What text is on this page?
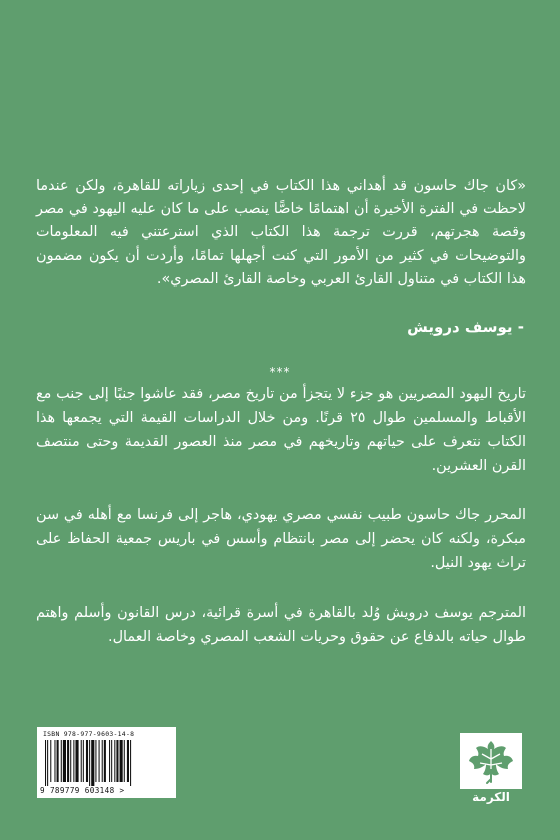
«كان جاك حاسون قد أهداني هذا الكتاب في إحدى زياراته للقاهرة، ولكن عندما لاحظت في الفترة الأخيرة أن اهتمامًا خاصًّا ينصب على ما كان عليه اليهود في مصر وقصة هجرتهم، قررت ترجمة هذا الكتاب الذي استرعتني فيه المعلومات والتوضيحات في كثير من الأمور التي كنت أجهلها تمامًا، وأردت أن يكون مضمون هذا الكتاب في متناول القارئ العربي وخاصة القارئ المصري».

- يوسف درويش

***

تاريخ اليهود المصريين هو جزء لا يتجزأ من تاريخ مصر، فقد عاشوا جنبًا إلى جنب مع الأقباط والمسلمين طوال ٢٥ قرنًا. ومن خلال الدراسات القيمة التي يجمعها هذا الكتاب نتعرف على حياتهم وتاريخهم في مصر منذ العصور القديمة وحتى منتصف القرن العشرين.

المحرر جاك حاسون طبيب نفسي مصري يهودي، هاجر إلى فرنسا مع أهله في سن مبكرة، ولكنه كان يحضر إلى مصر بانتظام وأسس في باريس جمعية الحفاظ على تراث يهود النيل.

المترجم يوسف درويش وُلد بالقاهرة في أسرة قرائية، درس القانون وأسلم واهتم طوال حياته بالدفاع عن حقوق وحريات الشعب المصري وخاصة العمال.

ISBN 978-977-9603-14-8
9 789779 603148 >	الكرمة
